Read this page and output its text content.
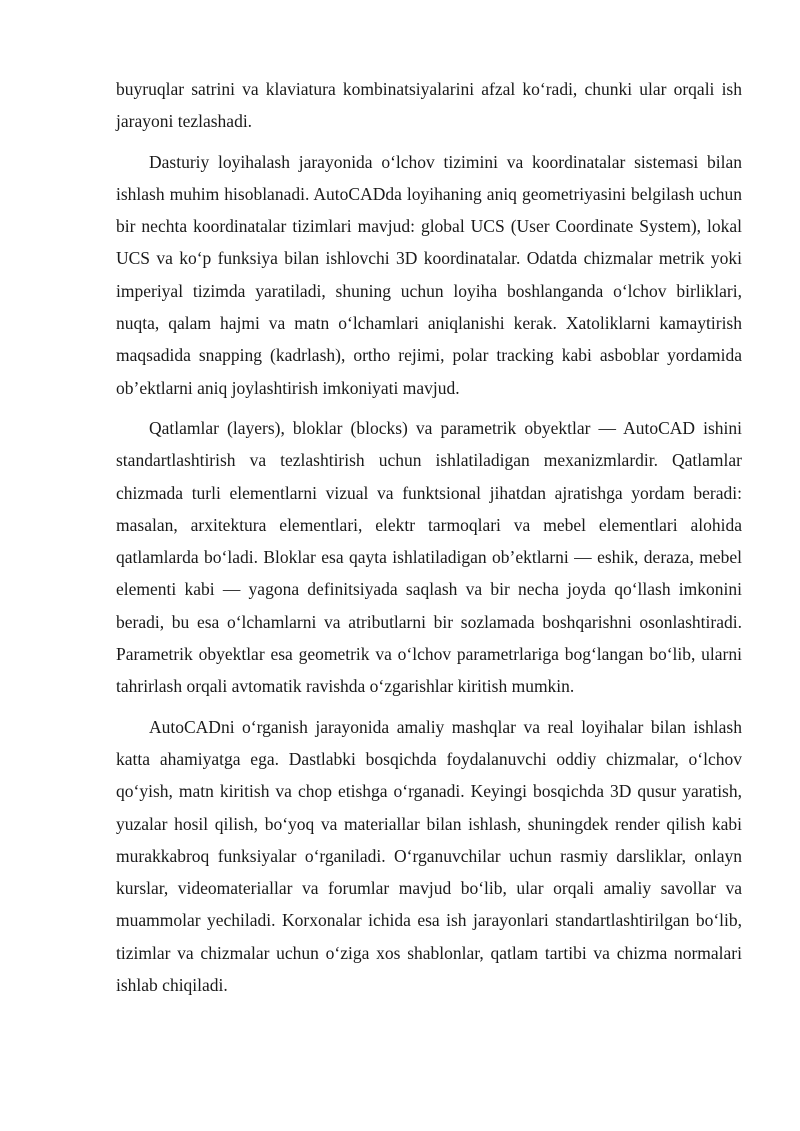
buyruqlar satrini va klaviatura kombinatsiyalarini afzal ko‘radi, chunki ular orqali ish jarayoni tezlashadi.

Dasturiy loyihalash jarayonida o‘lchov tizimini va koordinatalar sistemasi bilan ishlash muhim hisoblanadi. AutoCADda loyihaning aniq geometriyasini belgilash uchun bir nechta koordinatalar tizimlari mavjud: global UCS (User Coordinate System), lokal UCS va ko‘p funksiya bilan ishlovchi 3D koordinatalar. Odatda chizmalar metrik yoki imperiyal tizimda yaratiladi, shuning uchun loyiha boshlanganda o‘lchov birliklari, nuqta, qalam hajmi va matn o‘lchamlari aniqlanishi kerak. Xatoliklarni kamaytirish maqsadida snapping (kadrlash), ortho rejimi, polar tracking kabi asboblar yordamida ob’ektlarni aniq joylashtirish imkoniyati mavjud.

Qatlamlar (layers), bloklar (blocks) va parametrik obyektlar — AutoCAD ishini standartlashtirish va tezlashtirish uchun ishlatiladigan mexanizmlardir. Qatlamlar chizmada turli elementlarni vizual va funktsional jihatdan ajratishga yordam beradi: masalan, arxitektura elementlari, elektr tarmoqlari va mebel elementlari alohida qatlamlarda bo‘ladi. Bloklar esa qayta ishlatiladigan ob’ektlarni — eshik, deraza, mebel elementi kabi — yagona definitsiyada saqlash va bir necha joyda qo‘llash imkonini beradi, bu esa o‘lchamlarni va atributlarni bir sozlamada boshqarishni osonlashtiradi. Parametrik obyektlar esa geometrik va o‘lchov parametrlariga bog‘langan bo‘lib, ularni tahrirlash orqali avtomatik ravishda o‘zgarishlar kiritish mumkin.

AutoCADni o‘rganish jarayonida amaliy mashqlar va real loyihalar bilan ishlash katta ahamiyatga ega. Dastlabki bosqichda foydalanuvchi oddiy chizmalar, o‘lchov qo‘yish, matn kiritish va chop etishga o‘rganadi. Keyingi bosqichda 3D qusur yaratish, yuzalar hosil qilish, bo‘yoq va materiallar bilan ishlash, shuningdek render qilish kabi murakkabroq funksiyalar o‘rganiladi. O‘rganuvchilar uchun rasmiy darsliklar, onlayn kurslar, videomateriallar va forumlar mavjud bo‘lib, ular orqali amaliy savollar va muammolar yechiladi. Korxonalar ichida esa ish jarayonlari standartlashtirilgan bo‘lib, tizimlar va chizmalar uchun o‘ziga xos shablonlar, qatlam tartibi va chizma normalari ishlab chiqiladi.
